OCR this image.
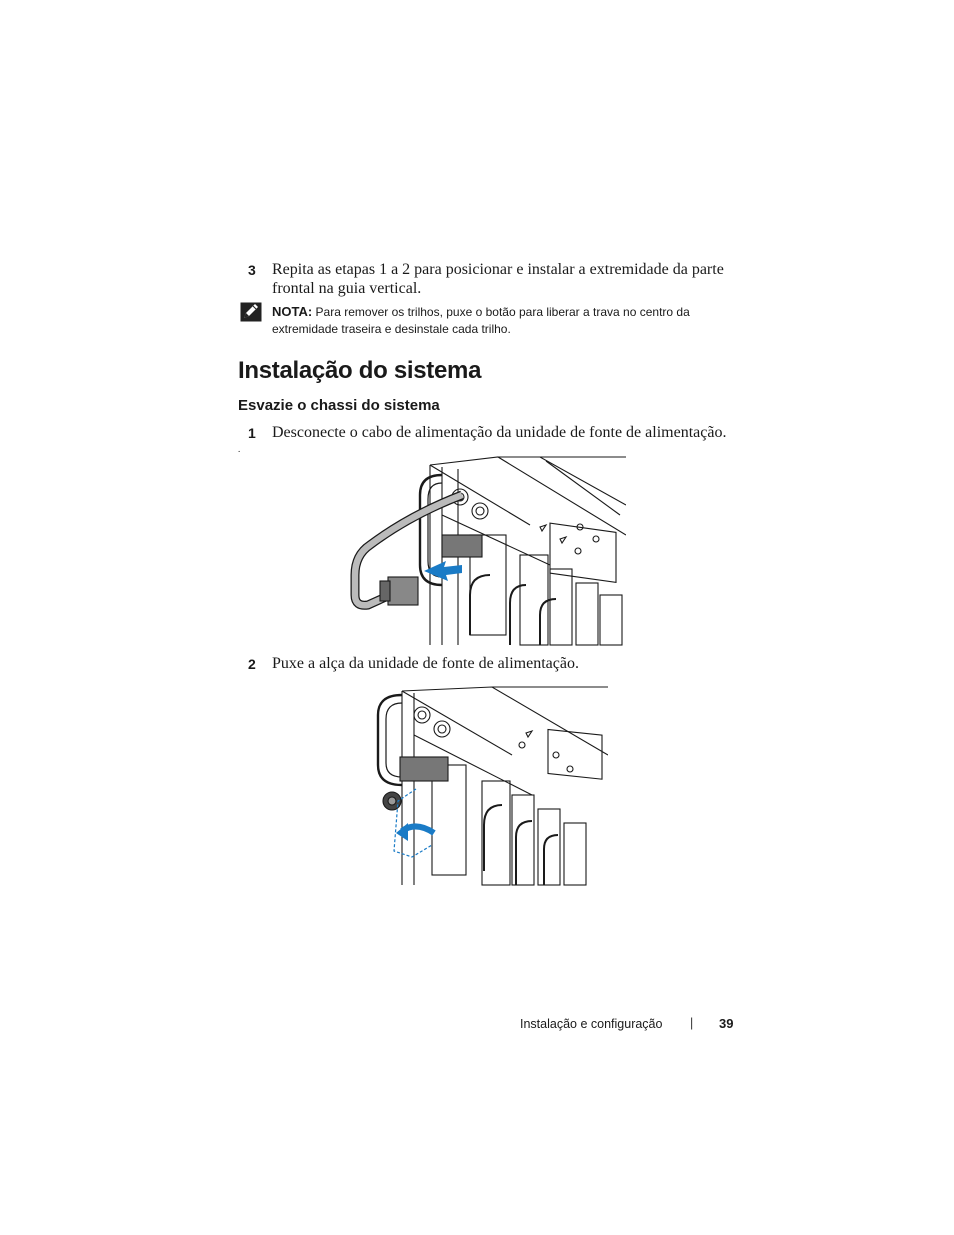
3 Repita as etapas 1 a 2 para posicionar e instalar a extremidade da parte
frontal na guia vertical.
NOTA: Para remover os trilhos, puxe o botão para liberar a trava no centro da
extremidade traseira e desinstale cada trilho.
Instalação do sistema
Esvazie o chassi do sistema
1 Desconecte o cabo de alimentação da unidade de fonte de alimentação.
.
2 Puxe a alça da unidade de fonte de alimentação.
Instalação e configuração | 39
